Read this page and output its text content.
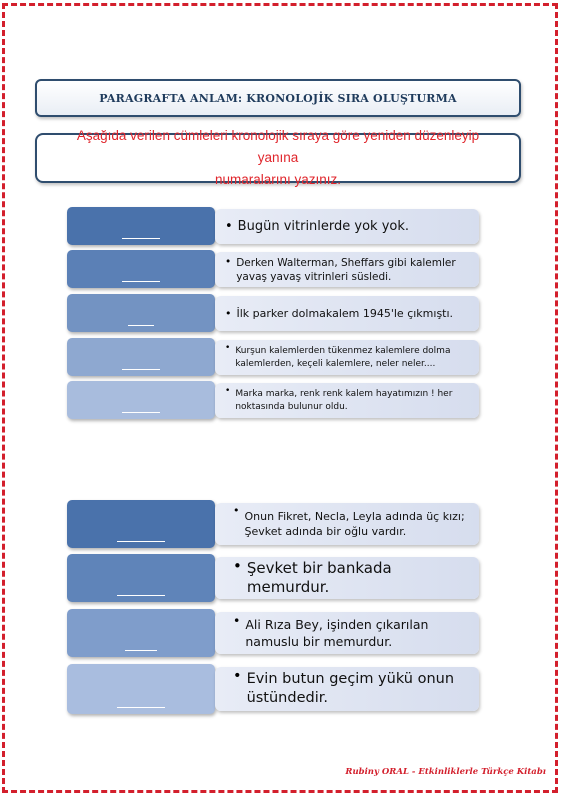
PARAGRAFTA ANLAM: KRONOLOJİK SIRA OLUŞTURMA
Aşağıda verilen cümleleri kronolojik sıraya göre yeniden düzenleyip yanına
numaralarını yazınız.
• Bugün vitrinlerde yok yok.
• Derken Walterman, Sheffars gibi kalemler yavaş yavaş vitrinleri süsledi.
• İlk parker dolmakalem 1945'le çıkmıştı.
• Kurşun kalemlerden tükenmez kalemlere dolma kalemlerden, keçeli kalemlere, neler neler....
• Marka marka, renk renk kalem hayatımızın ! her noktasında bulunur oldu.
• Onun Fikret, Necla, Leyla adında üç kızı; Şevket adında bir oğlu vardır.
• Şevket bir bankada memurdur.
• Ali Rıza Bey, işinden çıkarılan namuslu bir memurdur.
• Evin butun geçim yükü onun üstündedir.
Rubiny ORAL - Etkinliklerle Türkçe Kitabı
